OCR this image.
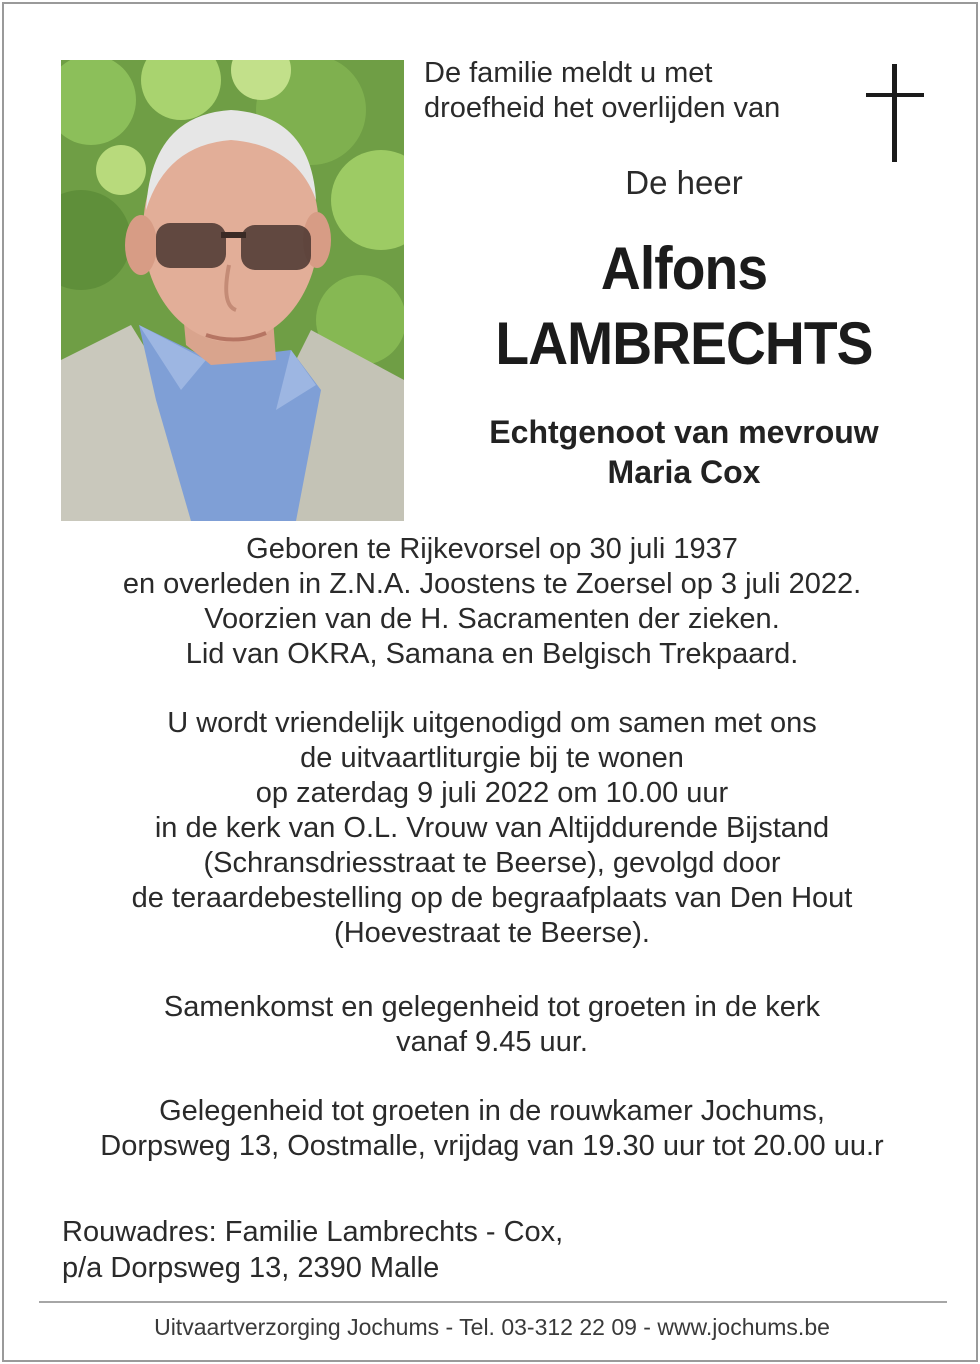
De familie meldt u met
droefheid het overlijden van
De heer
Alfons
LAMBRECHTS
Echtgenoot van mevrouw
Maria Cox
Geboren te Rijkevorsel op 30 juli 1937
en overleden in Z.N.A. Joostens te Zoersel op 3 juli 2022.
Voorzien van de H. Sacramenten der zieken.
Lid van OKRA, Samana en Belgisch Trekpaard.
U wordt vriendelijk uitgenodigd om samen met ons
de uitvaartliturgie bij te wonen
op zaterdag 9 juli 2022 om 10.00 uur
in de kerk van O.L. Vrouw van Altijddurende Bijstand
(Schransdriesstraat te Beerse), gevolgd door
de teraardebestelling op de begraafplaats van Den Hout
(Hoevestraat te Beerse).
Samenkomst en gelegenheid tot groeten in de kerk
vanaf 9.45 uur.
Gelegenheid tot groeten in de rouwkamer Jochums,
Dorpsweg 13, Oostmalle, vrijdag van 19.30 uur tot 20.00 uu.r
Rouwadres: Familie Lambrechts - Cox,
p/a Dorpsweg 13, 2390 Malle
Uitvaartverzorging Jochums - Tel. 03-312 22 09 - www.jochums.be
